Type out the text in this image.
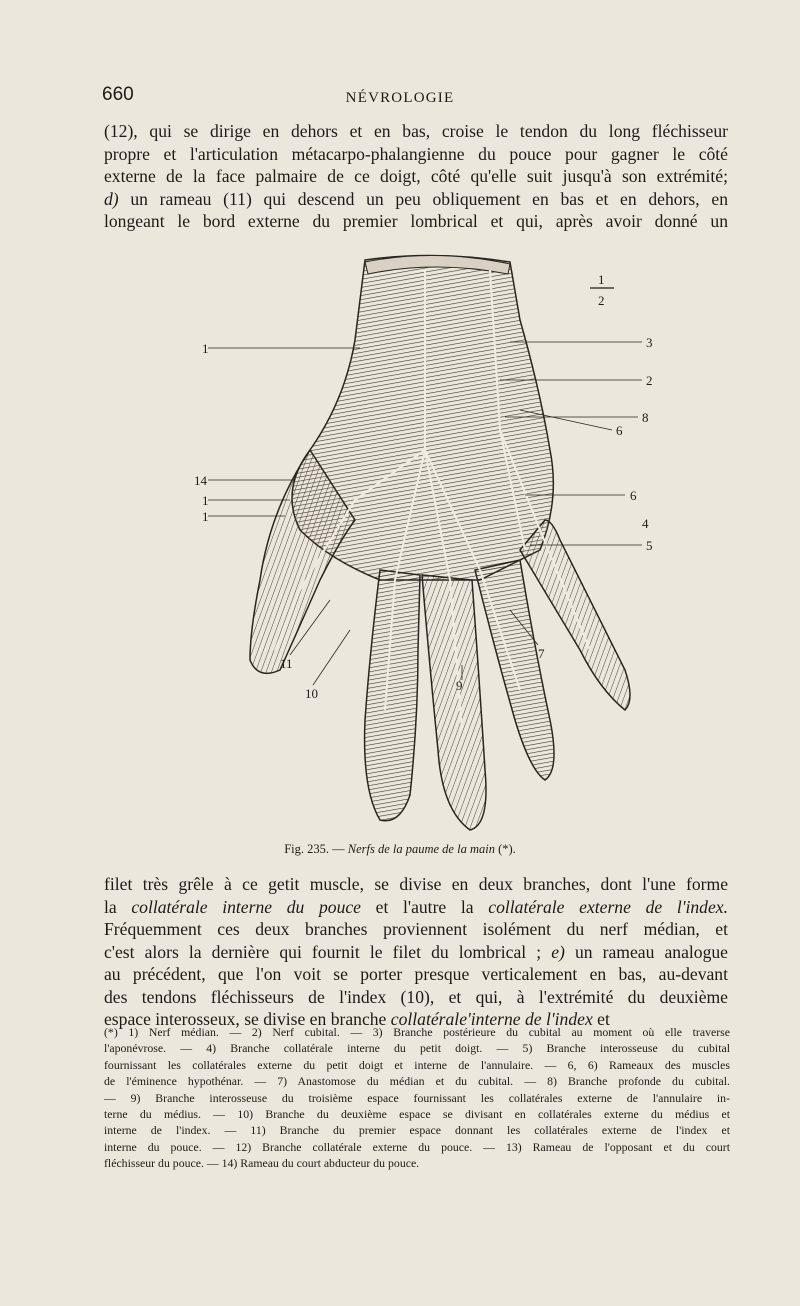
660	NÉVROLOGIE

(12), qui se dirige en dehors et en bas, croise le tendon du long fléchisseur
propre et l'articulation métacarpo-phalangienne du pouce pour gagner le côté
externe de la face palmaire de ce doigt, côté qu'elle suit jusqu'à son extrémité;
d) un rameau (11) qui descend un peu obliquement en bas et en dehors, en
longeant le bord externe du premier lombrical et qui, après avoir donné un

1
2
1
14
1
1
3
2
8
6
6
4
5
11
10
9
7
Fig. 235. — Nerfs de la paume de la main (*).

filet très grêle à ce getit muscle, se divise en deux branches, dont l'une forme
la collatérale interne du pouce et l'autre la collatérale externe de l'index.
Fréquemment ces deux branches proviennent isolément du nerf médian, et
c'est alors la dernière qui fournit le filet du lombrical ; e) un rameau analogue
au précédent, que l'on voit se porter presque verticalement en bas, au-devant
des tendons fléchisseurs de l'index (10), et qui, à l'extrémité du deuxième
espace interosseux, se divise en branche collatérale'interne de l'index et

(*) 1) Nerf médian. — 2) Nerf cubital. — 3) Branche postérieure du cubital au moment où elle traverse
l'aponévrose. — 4) Branche collatérale interne du petit doigt. — 5) Branche interosseuse du cubital
fournissant les collatérales externe du petit doigt et interne de l'annulaire. — 6, 6) Rameaux des muscles
de l'éminence hypothénar. — 7) Anastomose du médian et du cubital. — 8) Branche profonde du cubital.
— 9) Branche interosseuse du troisième espace fournissant les collatérales externe de l'annulaire in-
terne du médius. — 10) Branche du deuxième espace se divisant en collatérales externe du médius et
interne de l'index. — 11) Branche du premier espace donnant les collatérales externe de l'index et
interne du pouce. — 12) Branche collatérale externe du pouce. — 13) Rameau de l'opposant et du court
fléchisseur du pouce. — 14) Rameau du court abducteur du pouce.
